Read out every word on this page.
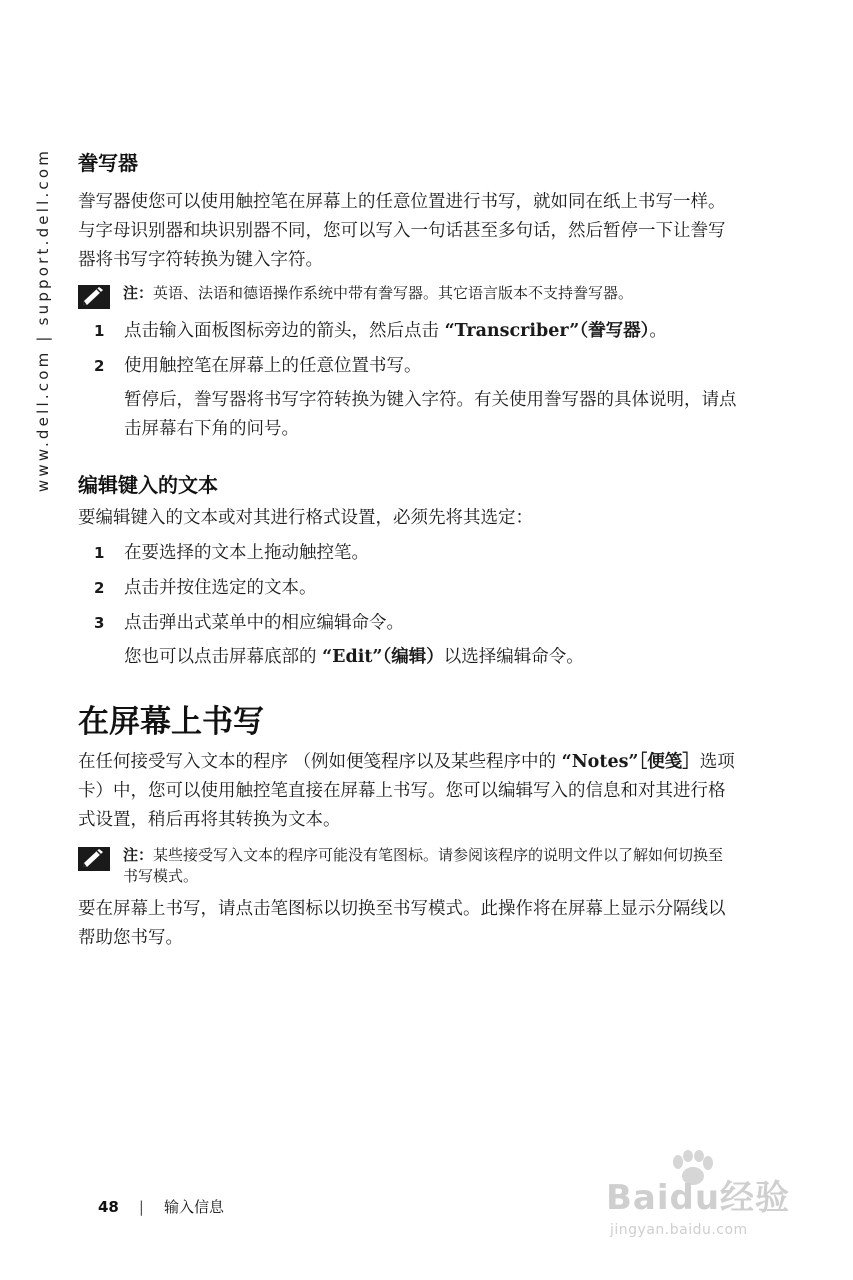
www.dell.com | support.dell.com 誊写器

誊写器使您可以使用触控笔在屏幕上的任意位置进行书写，就如同在纸上书写一样。与字母识别器和块识别器不同，您可以写入一句话甚至多句话，然后暂停一下让誊写器将书写字符转换为键入字符。

注：英语、法语和德语操作系统中带有誊写器。其它语言版本不支持誊写器。
1	点击输入面板图标旁边的箭头，然后点击 “Transcriber”（誊写器）。

2	使用触控笔在屏幕上的任意位置书写。

暂停后，誊写器将书写字符转换为键入字符。有关使用誊写器的具体说明，请点击屏幕右下角的问号。

编辑键入的文本

要编辑键入的文本或对其进行格式设置，必须先将其选定：

1	在要选择的文本上拖动触控笔。

2	点击并按住选定的文本。

3	点击弹出式菜单中的相应编辑命令。

您也可以点击屏幕底部的 “Edit”（编辑）以选择编辑命令。

在屏幕上书写

在任何接受写入文本的程序 （例如便笺程序以及某些程序中的 “Notes”［便笺］选项卡）中，您可以使用触控笔直接在屏幕上书写。您可以编辑写入的信息和对其进行格式设置，稍后再将其转换为文本。

注：某些接受写入文本的程序可能没有笔图标。请参阅该程序的说明文件以了解如何切换至书写模式。

要在屏幕上书写，请点击笔图标以切换至书写模式。此操作将在屏幕上显示分隔线以帮助您书写。

48 | 输入信息	Baidu经验
jingyan.baidu.com
